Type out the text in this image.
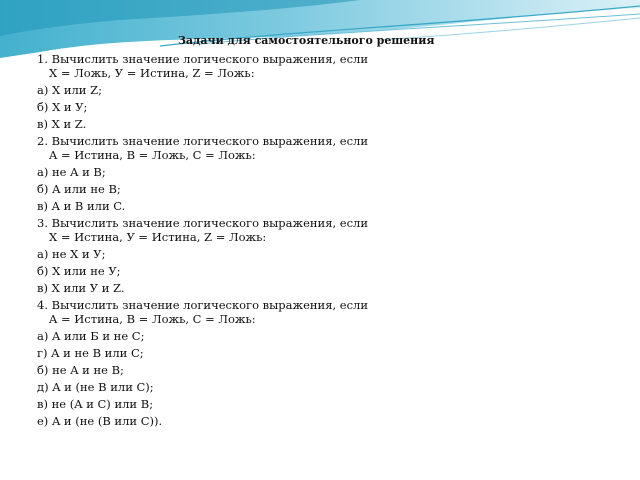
Задачи для самостоятельного решения

1. Вычислить значение логического выражения, если
X = Ложь, У = Истина, Z = Ложь:

а) X или Z;
б) X и У;
в) X и Z.

2. Вычислить значение логического выражения, если
A = Истина, B = Ложь, C = Ложь:

а) не A и B;
б) A или не B;
в) A и B или C.

3. Вычислить значение логического выражения, если
X = Истина, У = Истина, Z = Ложь:

а) не X и У;
б) X или не У;
в) X или У и Z.

4. Вычислить значение логического выражения, если
A = Истина, B = Ложь, C = Ложь:

а) A или Б и не C;
г) A и не B или C;
б) не A и не B;
д) A и (не B или C);
в) не (A и C) или B;
е) A и (не (B или C)).
